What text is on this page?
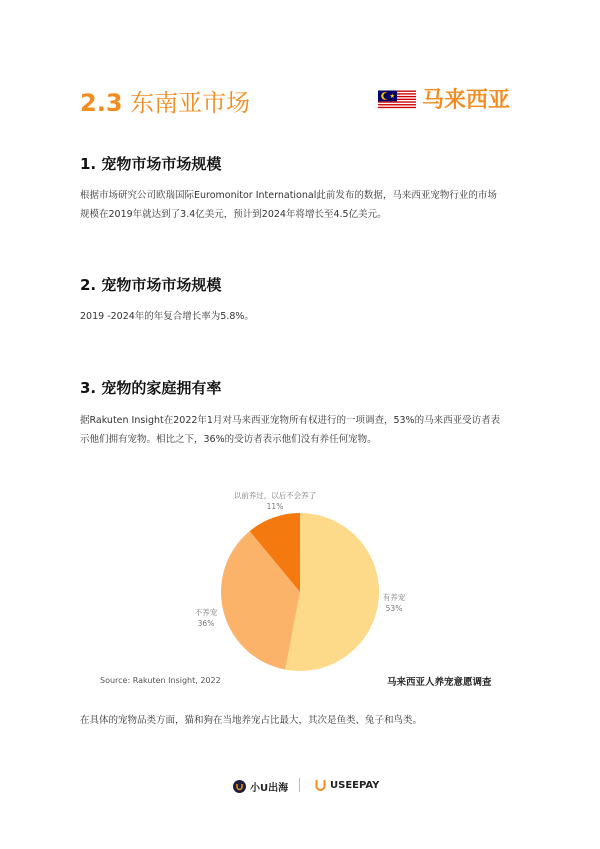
2.3 东南亚市场	马来西亚
1. 宠物市场市场规模
根据市场研究公司欧瑞国际Euromonitor International此前发布的数据，马来西亚宠物行业的市场
规模在2019年就达到了3.4亿美元，预计到2024年将增长至4.5亿美元。
2. 宠物市场市场规模
2019 -2024年的年复合增长率为5.8%。
3. 宠物的家庭拥有率
据Rakuten Insight在2022年1月对马来西亚宠物所有权进行的一项调查，53%的马来西亚受访者表
示他们拥有宠物。相比之下，36%的受访者表示他们没有养任何宠物。
以前养过，以后不会养了
11%
不养宠
36%
有养宠
53%
Source: Rakuten Insight, 2022	马来西亚人养宠意愿调查
在具体的宠物品类方面，猫和狗在当地养宠占比最大，其次是鱼类、兔子和鸟类。
小U出海	USEEPAY
